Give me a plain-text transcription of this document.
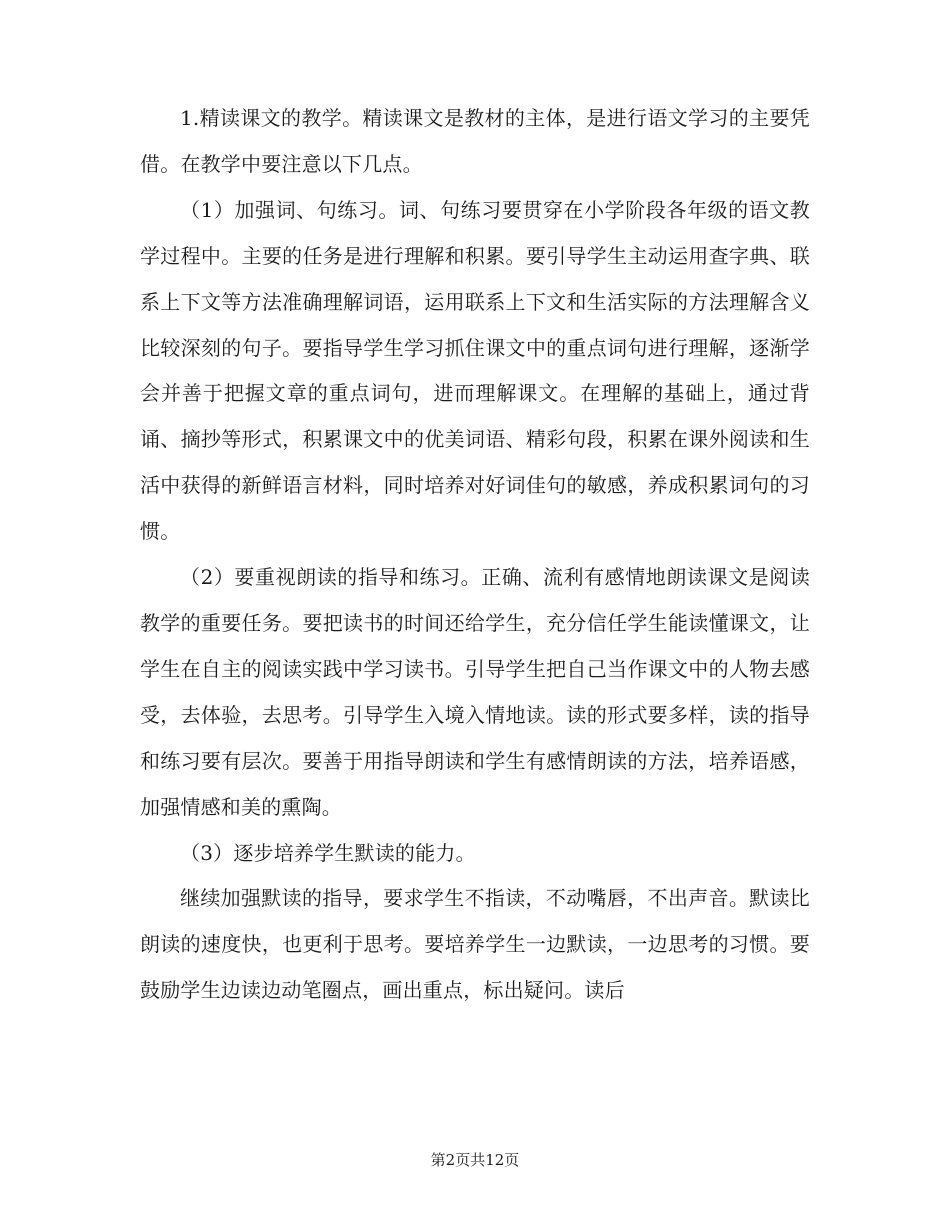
1.精读课文的教学。精读课文是教材的主体，是进行语文学习的主要凭借。在教学中要注意以下几点。

（1）加强词、句练习。词、句练习要贯穿在小学阶段各年级的语文教学过程中。主要的任务是进行理解和积累。要引导学生主动运用查字典、联系上下文等方法准确理解词语，运用联系上下文和生活实际的方法理解含义比较深刻的句子。要指导学生学习抓住课文中的重点词句进行理解，逐渐学会并善于把握文章的重点词句，进而理解课文。在理解的基础上，通过背诵、摘抄等形式，积累课文中的优美词语、精彩句段，积累在课外阅读和生活中获得的新鲜语言材料，同时培养对好词佳句的敏感，养成积累词句的习惯。

（2）要重视朗读的指导和练习。正确、流利有感情地朗读课文是阅读教学的重要任务。要把读书的时间还给学生，充分信任学生能读懂课文，让学生在自主的阅读实践中学习读书。引导学生把自己当作课文中的人物去感受，去体验，去思考。引导学生入境入情地读。读的形式要多样，读的指导和练习要有层次。要善于用指导朗读和学生有感情朗读的方法，培养语感，加强情感和美的熏陶。

（3）逐步培养学生默读的能力。

继续加强默读的指导，要求学生不指读，不动嘴唇，不出声音。默读比朗读的速度快，也更利于思考。要培养学生一边默读，一边思考的习惯。要鼓励学生边读边动笔圈点，画出重点，标出疑问。读后

第2页共12页
